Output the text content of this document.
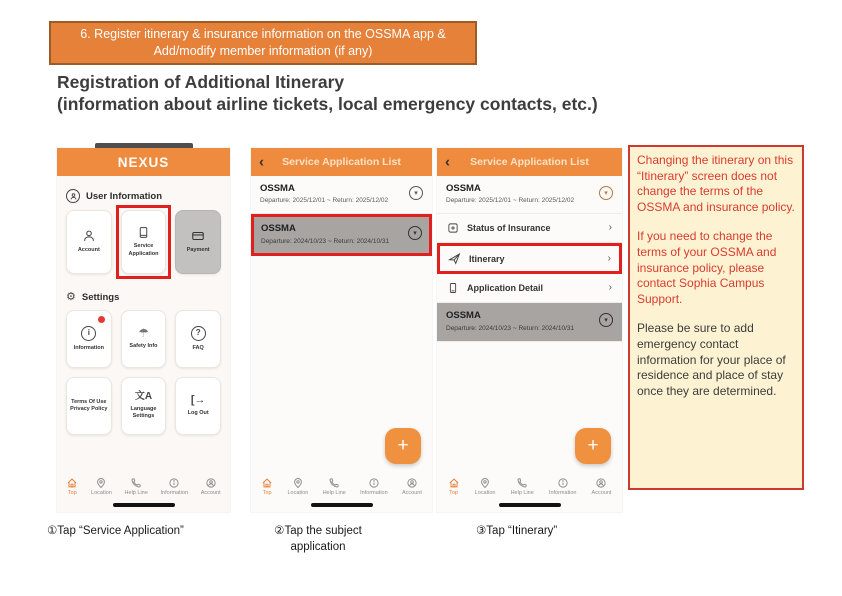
6. Register itinerary & insurance information on the OSSMA app &
Add/modify member information (if any)
Registration of Additional Itinerary
(information about airline tickets, local emergency contacts, etc.)
NEXUS
User Information
Account
Service Application
Payment
⚙ Settings
i
Information
☂
Safety Info
?
FAQ
Terms Of Use Privacy Policy
文A
Language Settings
[→
Log Out
Top	Location Help Line Information Account
‹ Service Application List
OSSMA
Departure: 2025/12/01 ~ Return: 2025/12/02
▾
OSSMA
Departure: 2024/10/23 ~ Return: 2024/10/31
▾
+
Top	Location	Help Line	Information	Account
‹ Service Application List
OSSMA
Departure: 2025/12/01 ~ Return: 2025/12/02
▾
Status of Insurance	›
Itinerary	›
Application Detail	›
OSSMA
Departure: 2024/10/23 ~ Return: 2024/10/31
▾
+
Top	Location	Help Line	Information	Account

Changing the itinerary on this “Itinerary” screen does not change the terms of the OSSMA and insurance policy.

If you need to change the terms of your OSSMA and insurance policy, please contact Sophia Campus Support.

Please be sure to add emergency contact information for your place of residence and place of stay once they are determined.

①Tap “Service Application”	②Tap the subject application
③Tap “Itinerary”
